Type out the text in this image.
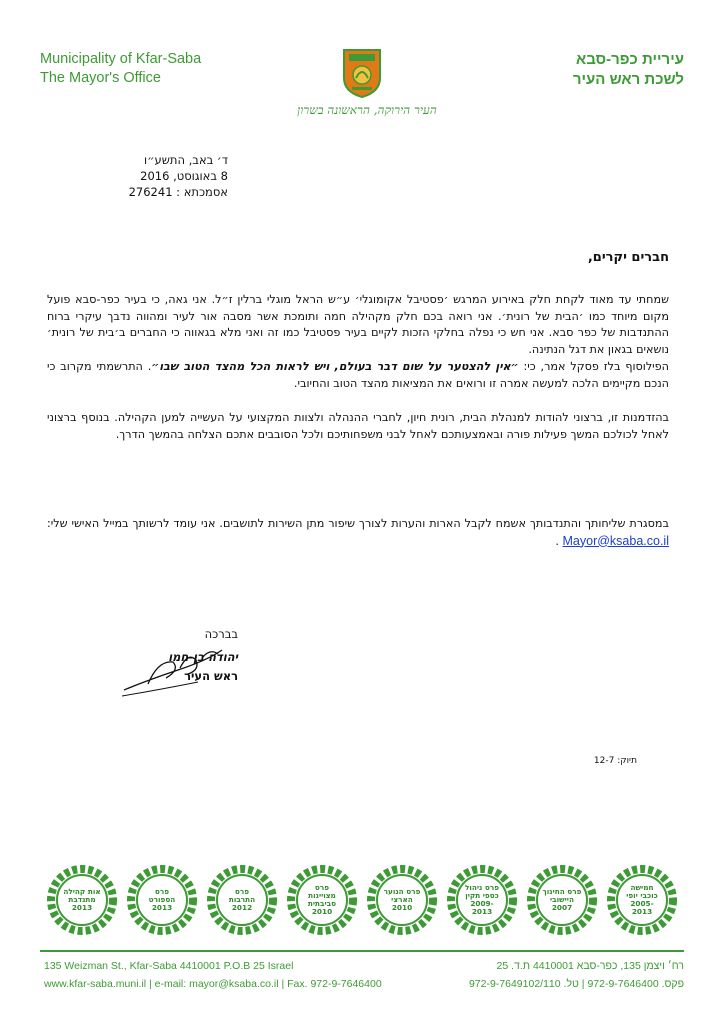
Municipality of Kfar-Saba
The Mayor's Office
עיריית כפר-סבא
לשכת ראש העיר
העיר הירוקה, הראשונה בשרון
ד׳ באב, התשע״ו
8 באוגוסט, 2016
אסמכתא : 276241
חברים יקרים,
שמחתי עד מאוד לקחת חלק באירוע המרגש ׳פסטיבל אקומוגלי׳ ע״ש הראל מוגלי ברלין ז״ל. אני גאה, כי בעיר כפר-סבא פועל מקום מיוחד כמו ׳הבית של רונית׳. אני רואה בכם חלק מקהילה חמה ותומכת אשר מסבה אור לעיר ומהווה נדבך עיקרי ברוח ההתנדבות של כפר סבא. אני חש כי נפלה בחלקי הזכות לקיים בעיר פסטיבל כמו זה ואני מלא בגאווה כי החברים ב׳בית של רונית׳ נושאים בגאון את דגל הנתינה.
הפילוסוף בלז פסקל אמר, כי: ״אין להצטער על שום דבר בעולם, ויש לראות הכל מהצד הטוב שבו״. התרשמתי מקרוב כי הנכם מקיימים הלכה למעשה אמרה זו ורואים את המציאות מהצד הטוב והחיובי.
בהזדמנות זו, ברצוני להודות למנהלת הבית, רונית חיון, לחברי ההנהלה ולצוות המקצועי על העשייה למען הקהילה. בנוסף ברצוני לאחל לכולכם המשך פעילות פורה ובאמצעותכם לאחל לבני משפחותיכם ולכל הסובבים אתכם הצלחה בהמשך הדרך.
במסגרת שליחותך והתנדבותך אשמח לקבל הארות והערות לצורך שיפור מתן השירות לתושבים. אני עומד לרשותך במייל האישי שלי: Mayor@ksaba.co.il .
בברכה
יהודה בן-חמו
ראש העיר
תיוק: 12-7
אות קהילה מתנדבת 2013
פרס הספורט 2013
פרס התרבות 2012
פרס מצויינות סביבתית 2010
פרס הנוער הארצי 2010
פרס ניהול כספי תקין 2009-2013
פרס החינוך היישובי 2007
חמישה כוכבי יופי 2005-2013
135 Weizman St., Kfar-Saba 4410001 P.O.B 25 Israel	רח׳ ויצמן 135, כפר-סבא 4410001 ת.ד. 25
www.kfar-saba.muni.il | e-mail: mayor@ksaba.co.il | Fax. 972-9-7646400	פקס. 972-9-7646400 | טל. 972-9-7649102/110
